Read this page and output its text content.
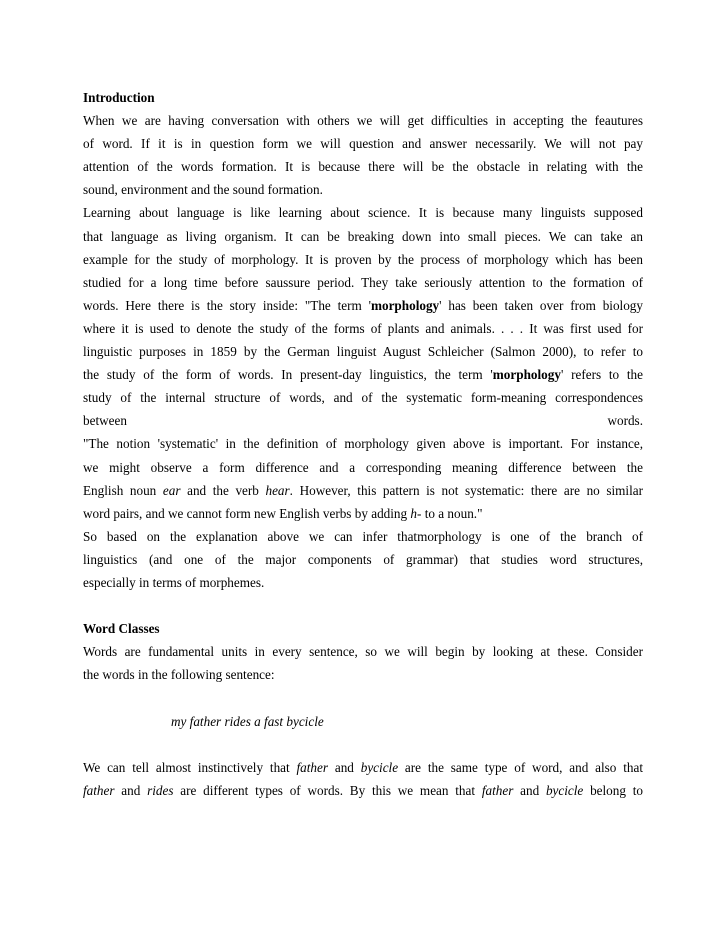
Introduction

When we are having conversation with others we will get difficulties in accepting the feautures
of word. If it is in question form we will question and answer necessarily. We will not pay
attention of the words formation. It is because there will be the obstacle in relating with the
sound, environment and the sound formation.

Learning about language is like learning about science. It is because many linguists supposed
that language as living organism. It can be breaking down into small pieces. We can take an
example for the study of morphology. It is proven by the process of morphology which has been
studied for a long time before saussure period. They take seriously attention to the formation of
words. Here there is the story inside: "The term 'morphology' has been taken over from biology
where it is used to denote the study of the forms of plants and animals. . . . It was first used for
linguistic purposes in 1859 by the German linguist August Schleicher (Salmon 2000), to refer to
the study of the form of words. In present-day linguistics, the term 'morphology' refers to the
study of the internal structure of words, and of the systematic form-meaning correspondences
between	words.

"The notion 'systematic' in the definition of morphology given above is important. For instance,
we might observe a form difference and a corresponding meaning difference between the
English noun ear and the verb hear. However, this pattern is not systematic: there are no similar
word pairs, and we cannot form new English verbs by adding h- to a noun."

So based on the explanation above we can infer thatmorphology is one of the branch of
linguistics (and one of the major components of grammar) that studies word structures,
especially in terms of morphemes.

Word Classes

Words are fundamental units in every sentence, so we will begin by looking at these. Consider
the words in the following sentence:

my father rides a fast bycicle

We can tell almost instinctively that father and bycicle are the same type of word, and also that
father and rides are different types of words. By this we mean that father and bycicle belong to
